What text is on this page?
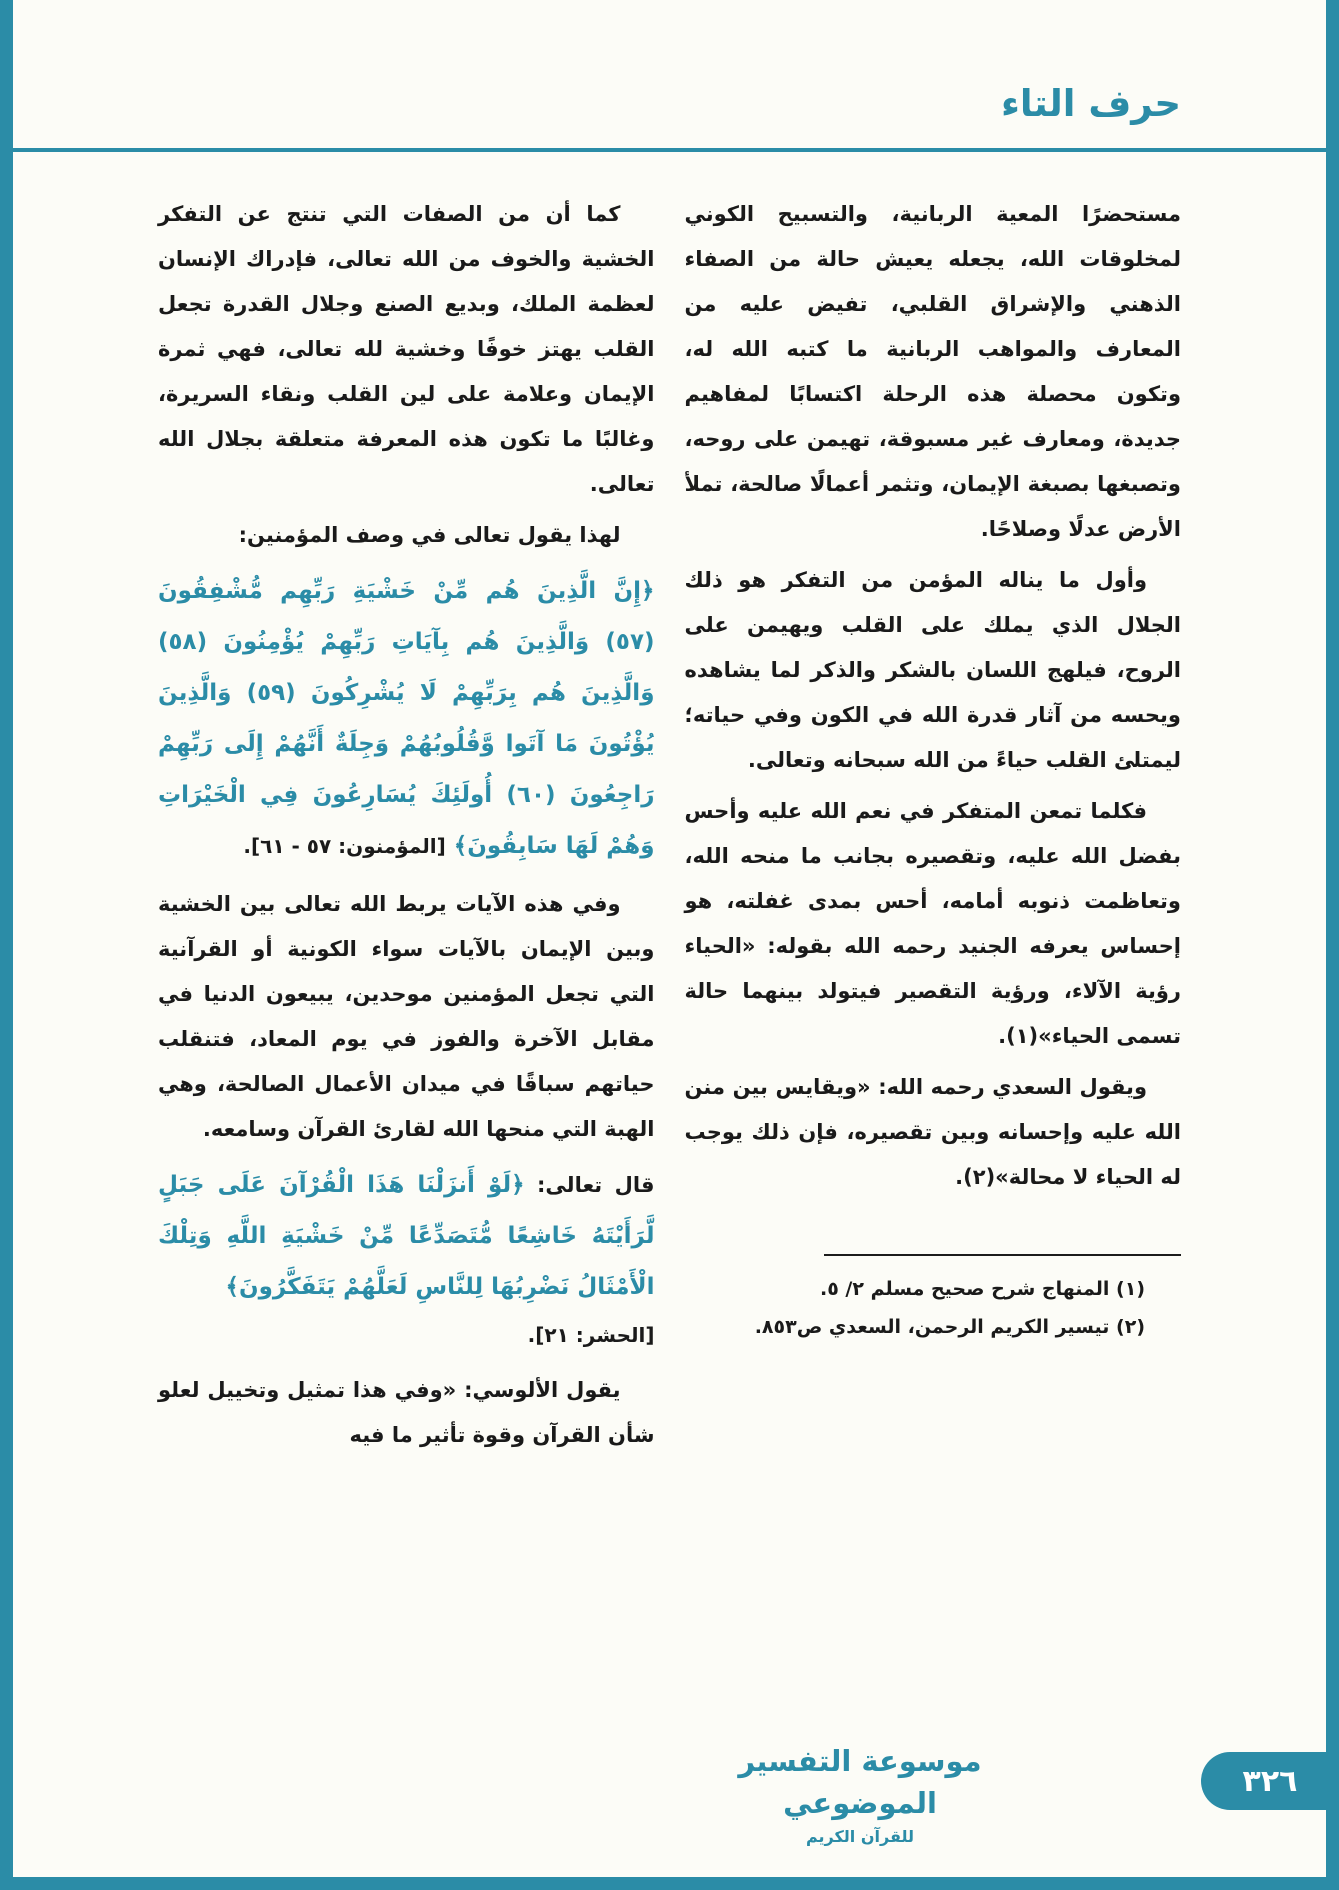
حرف التاء

مستحضرًا المعية الربانية، والتسبيح الكوني لمخلوقات الله، يجعله يعيش حالة من الصفاء الذهني والإشراق القلبي، تفيض عليه من المعارف والمواهب الربانية ما كتبه الله له، وتكون محصلة هذه الرحلة اكتسابًا لمفاهيم جديدة، ومعارف غير مسبوقة، تهيمن على روحه، وتصبغها بصبغة الإيمان، وتثمر أعمالًا صالحة، تملأ الأرض عدلًا وصلاحًا.

وأول ما يناله المؤمن من التفكر هو ذلك الجلال الذي يملك على القلب ويهيمن على الروح، فيلهج اللسان بالشكر والذكر لما يشاهده ويحسه من آثار قدرة الله في الكون وفي حياته؛ ليمتلئ القلب حياءً من الله سبحانه وتعالى.

فكلما تمعن المتفكر في نعم الله عليه وأحس بفضل الله عليه، وتقصيره بجانب ما منحه الله، وتعاظمت ذنوبه أمامه، أحس بمدى غفلته، هو إحساس يعرفه الجنيد رحمه الله بقوله: «الحياء رؤية الآلاء، ورؤية التقصير فيتولد بينهما حالة تسمى الحياء»(١).

ويقول السعدي رحمه الله: «ويقايس بين منن الله عليه وإحسانه وبين تقصيره، فإن ذلك يوجب له الحياء لا محالة»(٢).

(١) المنهاج شرح صحيح مسلم ٢/ ٥.

(٢) تيسير الكريم الرحمن، السعدي ص٨٥٣.

كما أن من الصفات التي تنتج عن التفكر الخشية والخوف من الله تعالى، فإدراك الإنسان لعظمة الملك، وبديع الصنع وجلال القدرة تجعل القلب يهتز خوفًا وخشية لله تعالى، فهي ثمرة الإيمان وعلامة على لين القلب ونقاء السريرة، وغالبًا ما تكون هذه المعرفة متعلقة بجلال الله تعالى.

لهذا يقول تعالى في وصف المؤمنين:

﴿إِنَّ الَّذِينَ هُم مِّنْ خَشْيَةِ رَبِّهِم مُّشْفِقُونَ (٥٧) وَالَّذِينَ هُم بِآيَاتِ رَبِّهِمْ يُؤْمِنُونَ (٥٨) وَالَّذِينَ هُم بِرَبِّهِمْ لَا يُشْرِكُونَ (٥٩) وَالَّذِينَ يُؤْتُونَ مَا آتَوا وَّقُلُوبُهُمْ وَجِلَةٌ أَنَّهُمْ إِلَى رَبِّهِمْ رَاجِعُونَ (٦٠) أُولَئِكَ يُسَارِعُونَ فِي الْخَيْرَاتِ وَهُمْ لَهَا سَابِقُونَ﴾ [المؤمنون: ٥٧ - ٦١].

وفي هذه الآيات يربط الله تعالى بين الخشية وبين الإيمان بالآيات سواء الكونية أو القرآنية التي تجعل المؤمنين موحدين، يبيعون الدنيا في مقابل الآخرة والفوز في يوم المعاد، فتنقلب حياتهم سباقًا في ميدان الأعمال الصالحة، وهي الهبة التي منحها الله لقارئ القرآن وسامعه.

قال تعالى: ﴿لَوْ أَنزَلْنَا هَذَا الْقُرْآنَ عَلَى جَبَلٍ لَّرَأَيْتَهُ خَاشِعًا مُّتَصَدِّعًا مِّنْ خَشْيَةِ اللَّهِ وَتِلْكَ الْأَمْثَالُ نَضْرِبُهَا لِلنَّاسِ لَعَلَّهُمْ يَتَفَكَّرُونَ﴾
[الحشر: ٢١].

يقول الألوسي: «وفي هذا تمثيل وتخييل لعلو شأن القرآن وقوة تأثير ما فيه

موسوعة التفسير الموضوعي
للقرآن الكريم
٣٢٦
